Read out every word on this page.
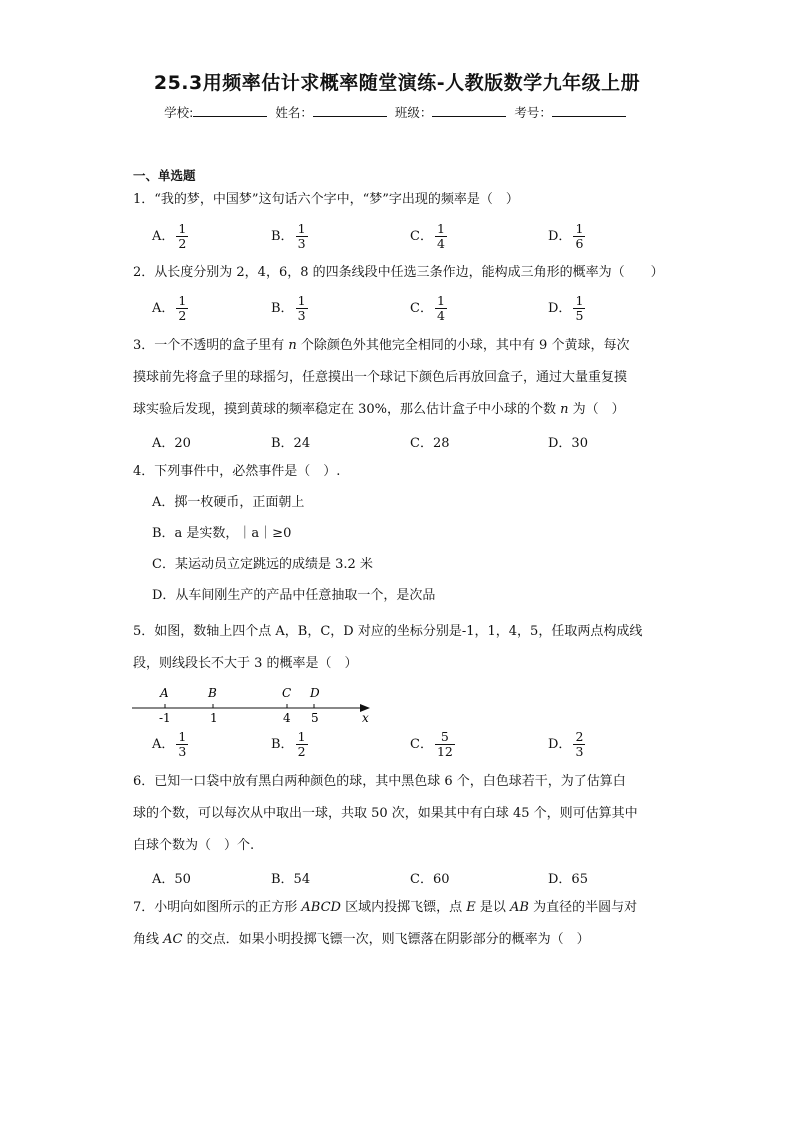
25.3用频率估计求概率随堂演练-人教版数学九年级上册
学校:	姓名：	班级：	考号：
一、单选题
1．“我的梦，中国梦”这句话六个字中，“梦”字出现的频率是（　）
A． $\frac{1}{2}$	B． $\frac{1}{3}$	C． $\frac{1}{4}$	D． $\frac{1}{6}$
2．从长度分别为 2，4，6，8 的四条线段中任选三条作边，能构成三角形的概率为（　　）
A． $\frac{1}{2}$	B． $\frac{1}{3}$	C． $\frac{1}{4}$	D． $\frac{1}{5}$
3．一个不透明的盒子里有 n 个除颜色外其他完全相同的小球，其中有 9 个黄球，每次
摸球前先将盒子里的球摇匀，任意摸出一个球记下颜色后再放回盒子，通过大量重复摸
球实验后发现，摸到黄球的频率稳定在 30%，那么估计盒子中小球的个数 n 为（　）
A．20	B．24	C．28	D．30
4．下列事件中，必然事件是（　）.
A．掷一枚硬币，正面朝上
B．a 是实数，｜a｜≥0
C．某运动员立定跳远的成绩是 3.2 米
D．从车间刚生产的产品中任意抽取一个，是次品
5．如图，数轴上四个点 A，B，C，D 对应的坐标分别是-1，1，4，5，任取两点构成线
段，则线段长不大于 3 的概率是（　）
A	B	C D
-1	1	4 5	x
A． $\frac{1}{3}$	B． $\frac{1}{2}$	C． $\frac{5}{12}$	D． $\frac{2}{3}$
6．已知一口袋中放有黑白两种颜色的球，其中黑色球 6 个，白色球若干，为了估算白
球的个数，可以每次从中取出一球，共取 50 次，如果其中有白球 45 个，则可估算其中
白球个数为（　）个.
A．50	B．54	C．60	D．65
7．小明向如图所示的正方形 ABCD 区域内投掷飞镖，点 E 是以 AB 为直径的半圆与对
角线 AC 的交点．如果小明投掷飞镖一次，则飞镖落在阴影部分的概率为（　）
